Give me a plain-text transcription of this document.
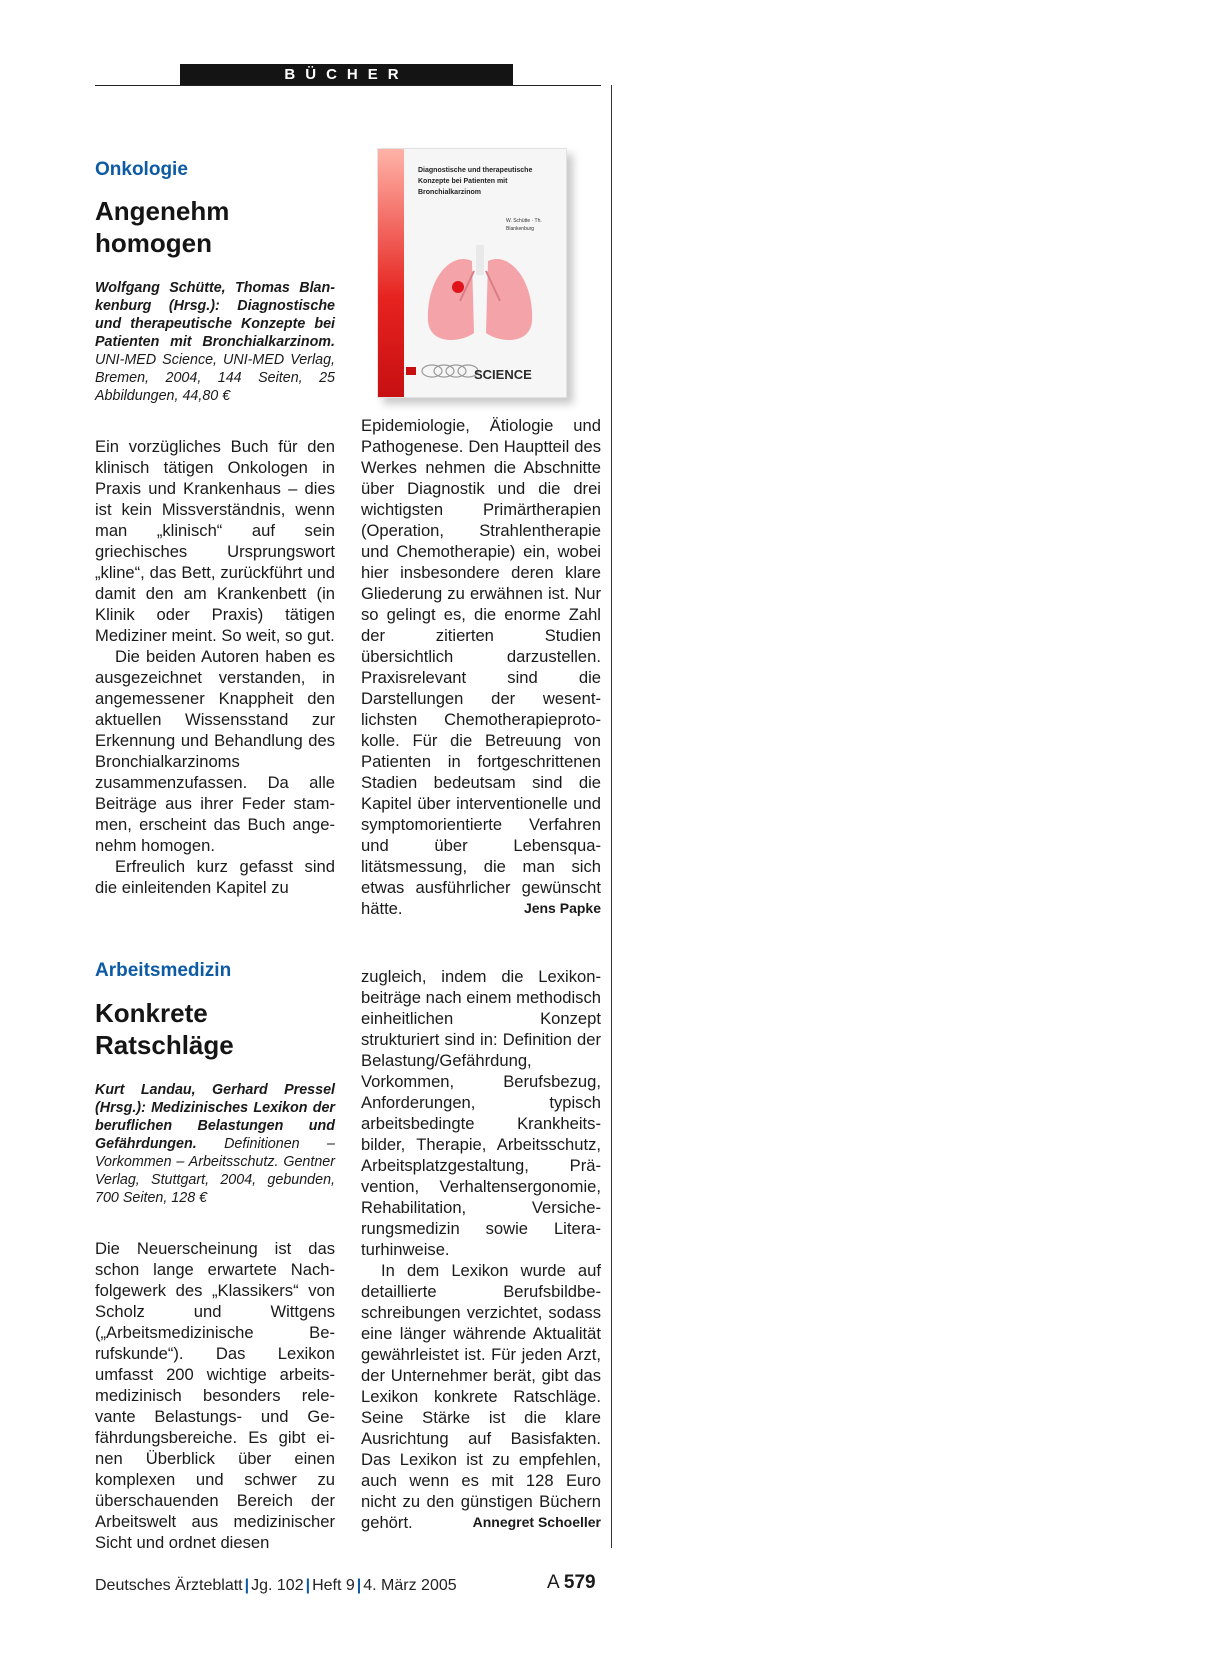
BÜCHER
Onkologie
Angenehm
homogen
Wolfgang Schütte, Thomas Blankenburg (Hrsg.): Diagnostische und therapeutische Konzepte bei Patienten mit Bronchialkarzinom. UNI-MED Science, UNI-MED Verlag, Bremen, 2004, 144 Seiten, 25 Abbildungen, 44,80 €
Diagnostische und therapeutische Konzepte bei Patienten mit Bronchialkarzinom
W. Schütte · Th. Blankenburg
SCIENCE

Ein vorzügliches Buch für den klinisch tätigen Onkologen in Praxis und Krankenhaus – dies ist kein Missverständnis, wenn man „klinisch“ auf sein griechisches Ursprungswort „kline“, das Bett, zurückführt und damit den am Krankenbett (in Klinik oder Praxis) tätigen Mediziner meint. So weit, so gut.

Die beiden Autoren haben es ausgezeichnet verstanden, in angemessener Knappheit den aktuellen Wissensstand zur Erkennung und Behandlung des Bronchialkarzinoms zusammenzufassen. Da alle Beiträge aus ihrer Feder stammen, erscheint das Buch angenehm homogen.

Erfreulich kurz gefasst sind die einleitenden Kapitel zu

Epidemiologie, Ätiologie und Pathogenese. Den Hauptteil des Werkes nehmen die Abschnitte über Diagnostik und die drei wichtigsten Primärtherapien (Operation, Strahlentherapie und Chemotherapie) ein, wobei hier insbesondere deren klare Gliederung zu erwähnen ist. Nur so gelingt es, die enorme Zahl der zitierten Studien übersichtlich darzustellen. Praxisrelevant sind die Darstellungen der wesentlichsten Chemotherapieprotokolle. Für die Betreuung von Patienten in fortgeschrittenen Stadien bedeutsam sind die Kapitel über interventionelle und symptomorientierte Verfahren und über Lebensqualitätsmessung, die man sich etwas ausführlicher gewünscht hätte.	Jens Papke

Arbeitsmedizin
Konkrete
Ratschläge
Kurt Landau, Gerhard Pressel (Hrsg.): Medizinisches Lexikon der beruflichen Belastungen und Gefährdungen. Definitionen – Vorkommen – Arbeitsschutz. Gentner Verlag, Stuttgart, 2004, gebunden, 700 Seiten, 128 €

Die Neuerscheinung ist das schon lange erwartete Nachfolgewerk des „Klassikers“ von Scholz und Wittgens („Arbeitsmedizinische Berufskunde“). Das Lexikon umfasst 200 wichtige arbeitsmedizinisch besonders relevante Belastungs- und Gefährdungsbereiche. Es gibt einen Überblick über einen komplexen und schwer zu überschauenden Bereich der Arbeitswelt aus medizinischer Sicht und ordnet diesen

zugleich, indem die Lexikonbeiträge nach einem methodisch einheitlichen Konzept strukturiert sind in: Definition der Belastung/Gefährdung, Vorkommen, Berufsbezug, Anforderungen, typisch arbeitsbedingte Krankheitsbilder, Therapie, Arbeitsschutz, Arbeitsplatzgestaltung, Prävention, Verhaltensergonomie, Rehabilitation, Versicherungsmedizin sowie Literaturhinweise.

In dem Lexikon wurde auf detaillierte Berufsbildbeschreibungen verzichtet, sodass eine länger währende Aktualität gewährleistet ist. Für jeden Arzt, der Unternehmer berät, gibt das Lexikon konkrete Ratschläge. Seine Stärke ist die klare Ausrichtung auf Basisfakten. Das Lexikon ist zu empfehlen, auch wenn es mit 128 Euro nicht zu den günstigen Büchern gehört.	Annegret Schoeller

Deutsches Ärzteblatt | Jg. 102 | Heft 9 | 4. März 2005	A 579
